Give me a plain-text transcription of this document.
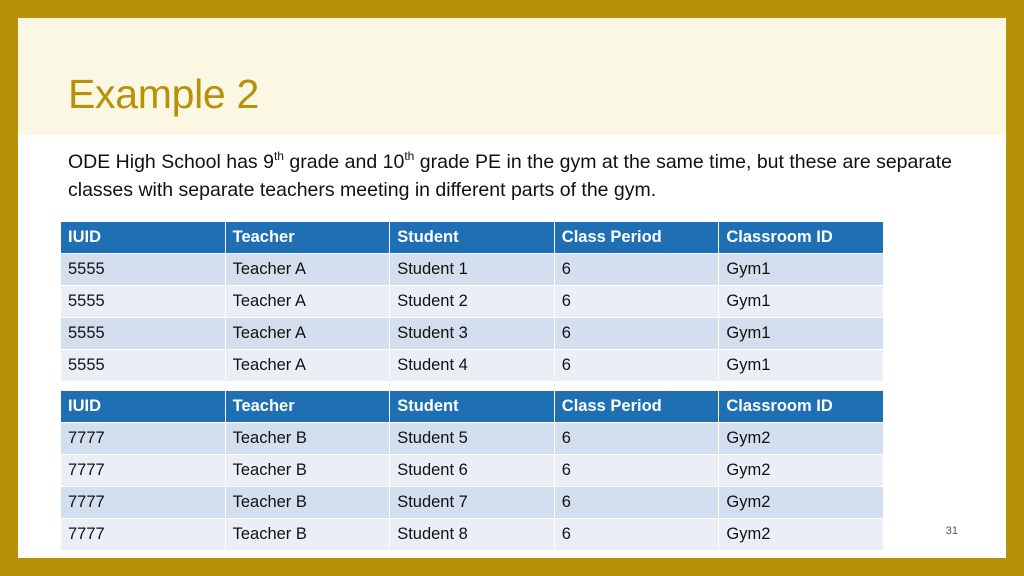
Example 2

ODE High School has 9th grade and 10th grade PE in the gym at the same time, but these are separate classes with separate teachers meeting in different parts of the gym.

IUID	Teacher	Student	Class Period	Classroom ID
5555	Teacher A	Student 1	6	Gym1
5555	Teacher A	Student 2	6	Gym1
5555	Teacher A	Student 3	6	Gym1
5555	Teacher A	Student 4	6	Gym1
IUID	Teacher	Student	Class Period	Classroom ID
7777	Teacher B	Student 5	6	Gym2
7777	Teacher B	Student 6	6	Gym2
7777	Teacher B	Student 7	6	Gym2
7777	Teacher B	Student 8	6	Gym2	31
